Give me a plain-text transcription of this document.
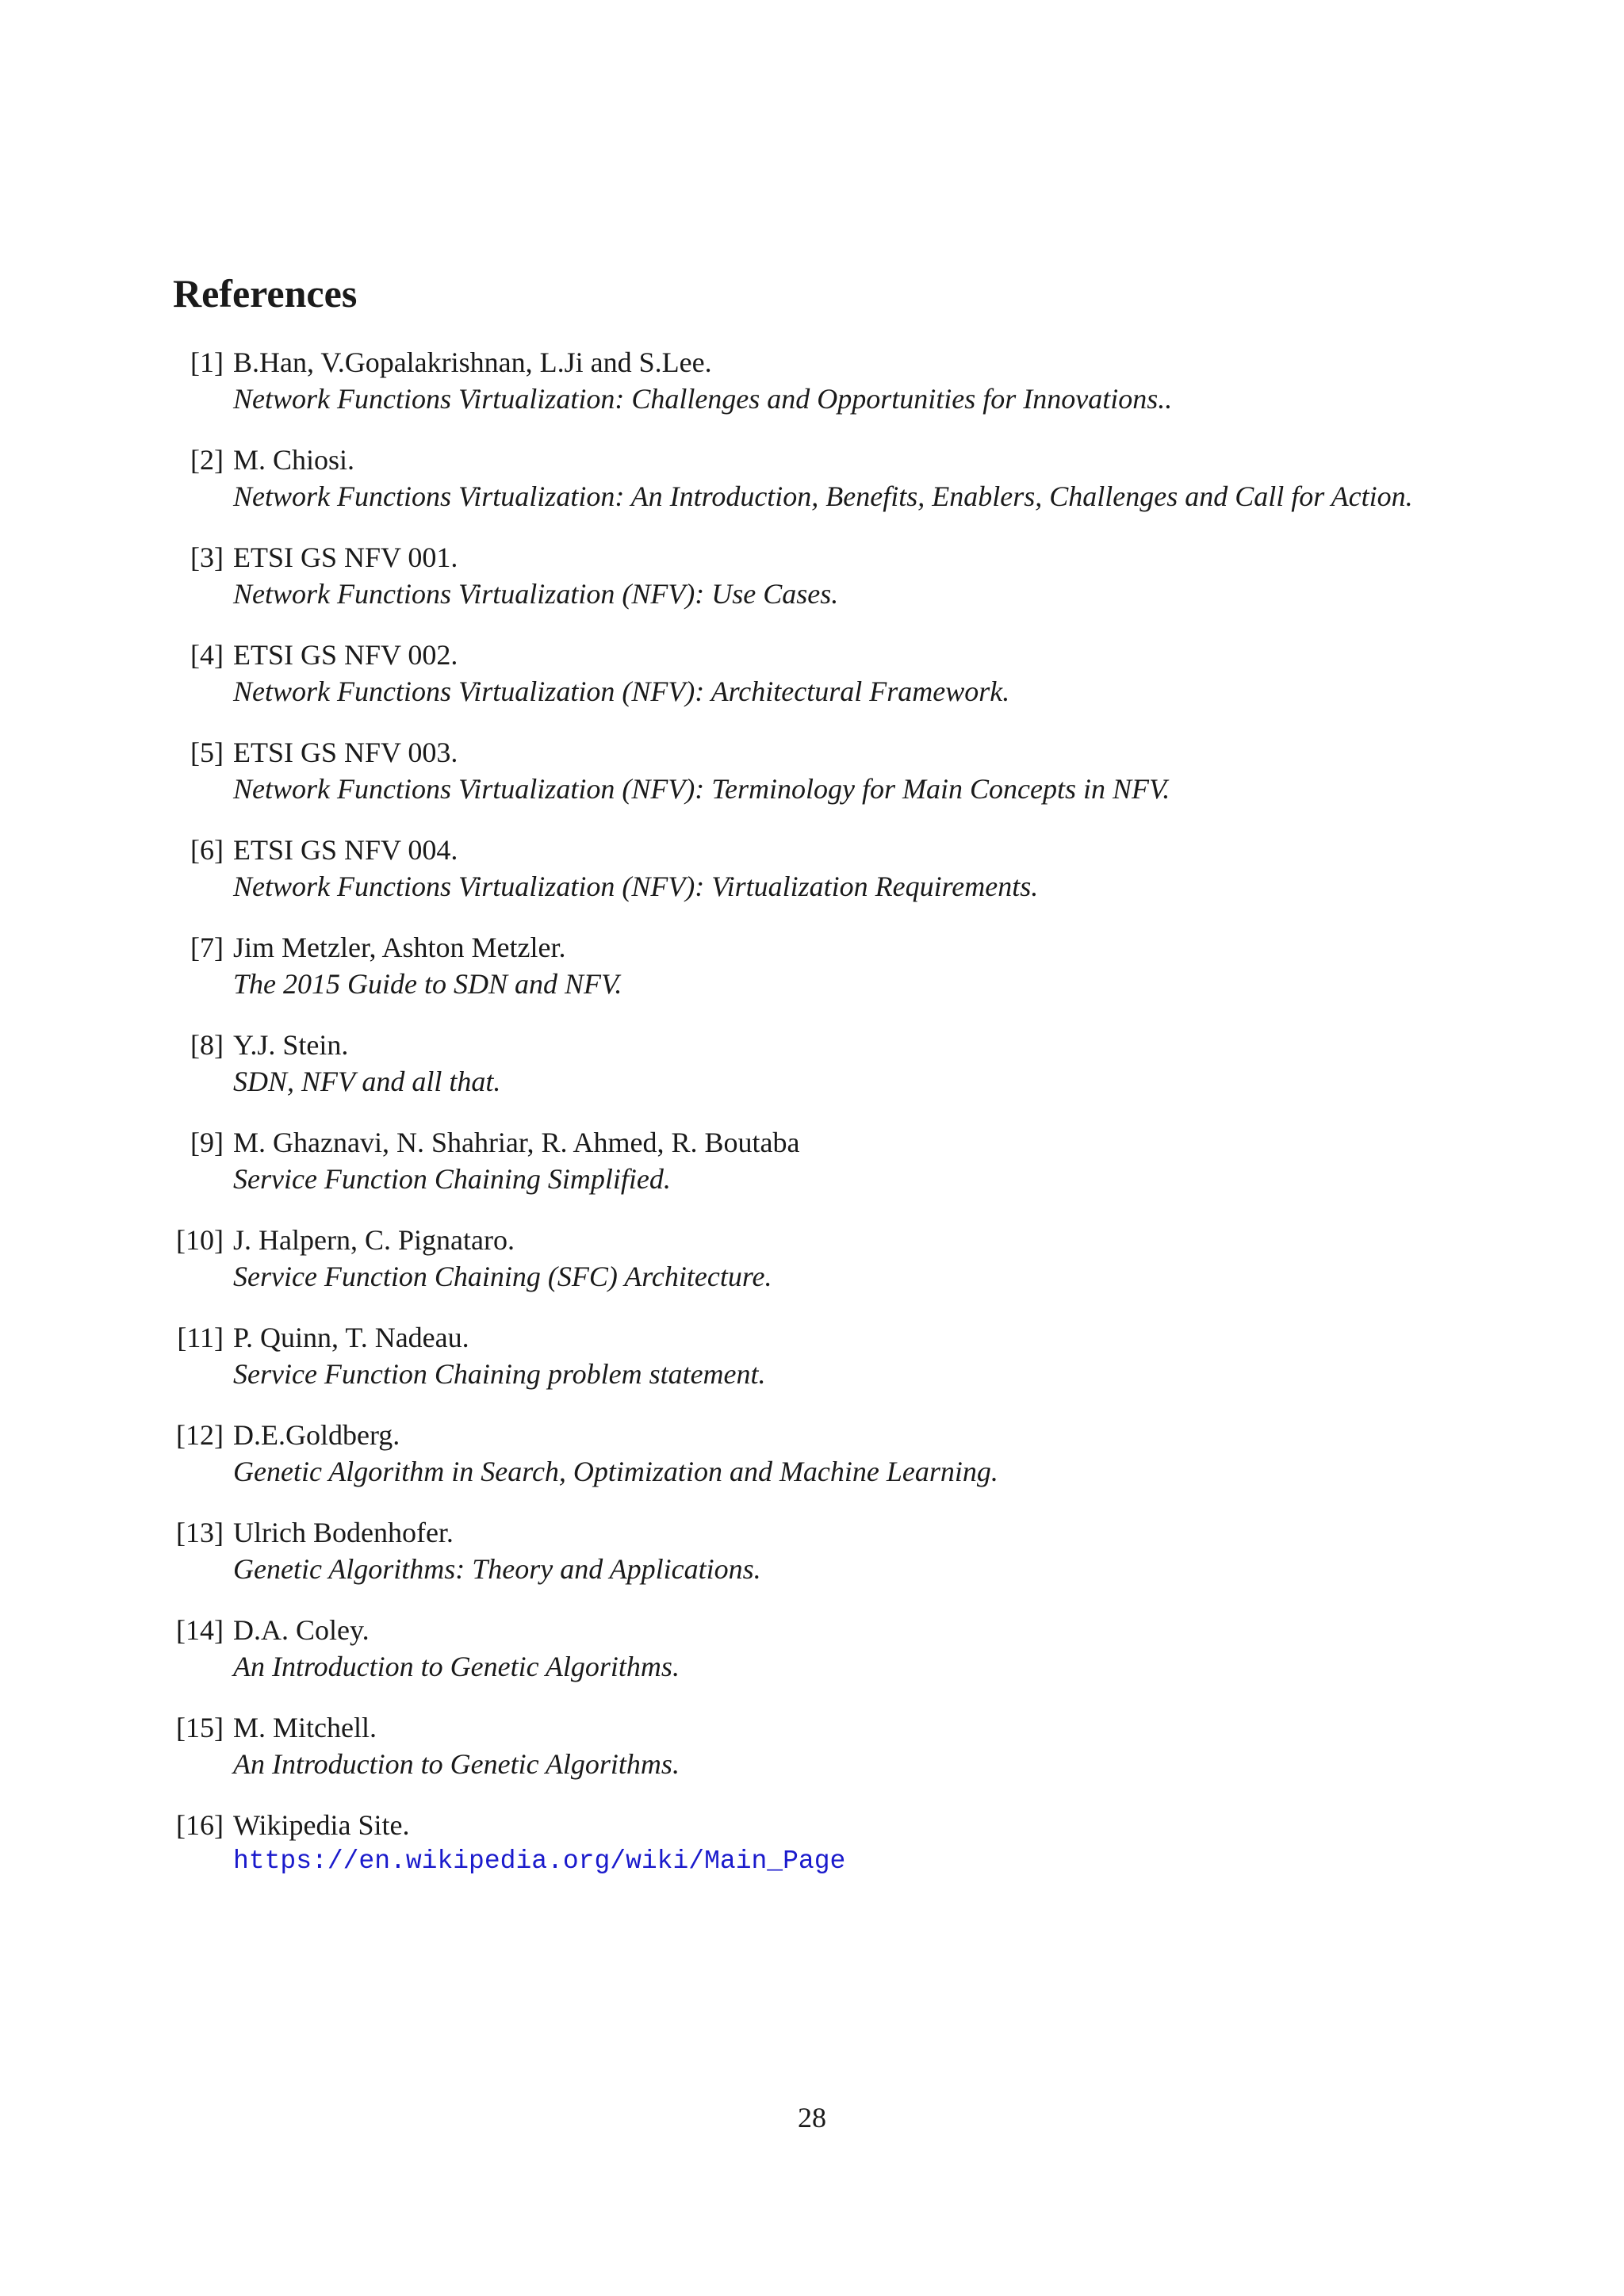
References
[1] B.Han, V.Gopalakrishnan, L.Ji and S.Lee.
Network Functions Virtualization: Challenges and Opportunities for Innovations..
[2] M. Chiosi.
Network Functions Virtualization: An Introduction, Benefits, Enablers, Challenges and Call for Action.
[3] ETSI GS NFV 001.
Network Functions Virtualization (NFV): Use Cases.
[4] ETSI GS NFV 002.
Network Functions Virtualization (NFV): Architectural Framework.
[5] ETSI GS NFV 003.
Network Functions Virtualization (NFV): Terminology for Main Concepts in NFV.
[6] ETSI GS NFV 004.
Network Functions Virtualization (NFV): Virtualization Requirements.
[7] Jim Metzler, Ashton Metzler.
The 2015 Guide to SDN and NFV.
[8] Y.J. Stein.
SDN, NFV and all that.
[9] M. Ghaznavi, N. Shahriar, R. Ahmed, R. Boutaba
Service Function Chaining Simplified.
[10] J. Halpern, C. Pignataro.
Service Function Chaining (SFC) Architecture.
[11] P. Quinn, T. Nadeau.
Service Function Chaining problem statement.
[12] D.E.Goldberg.
Genetic Algorithm in Search, Optimization and Machine Learning.
[13] Ulrich Bodenhofer.
Genetic Algorithms: Theory and Applications.
[14] D.A. Coley.
An Introduction to Genetic Algorithms.
[15] M. Mitchell.
An Introduction to Genetic Algorithms.
[16] Wikipedia Site.
https://en.wikipedia.org/wiki/Main_Page
28
